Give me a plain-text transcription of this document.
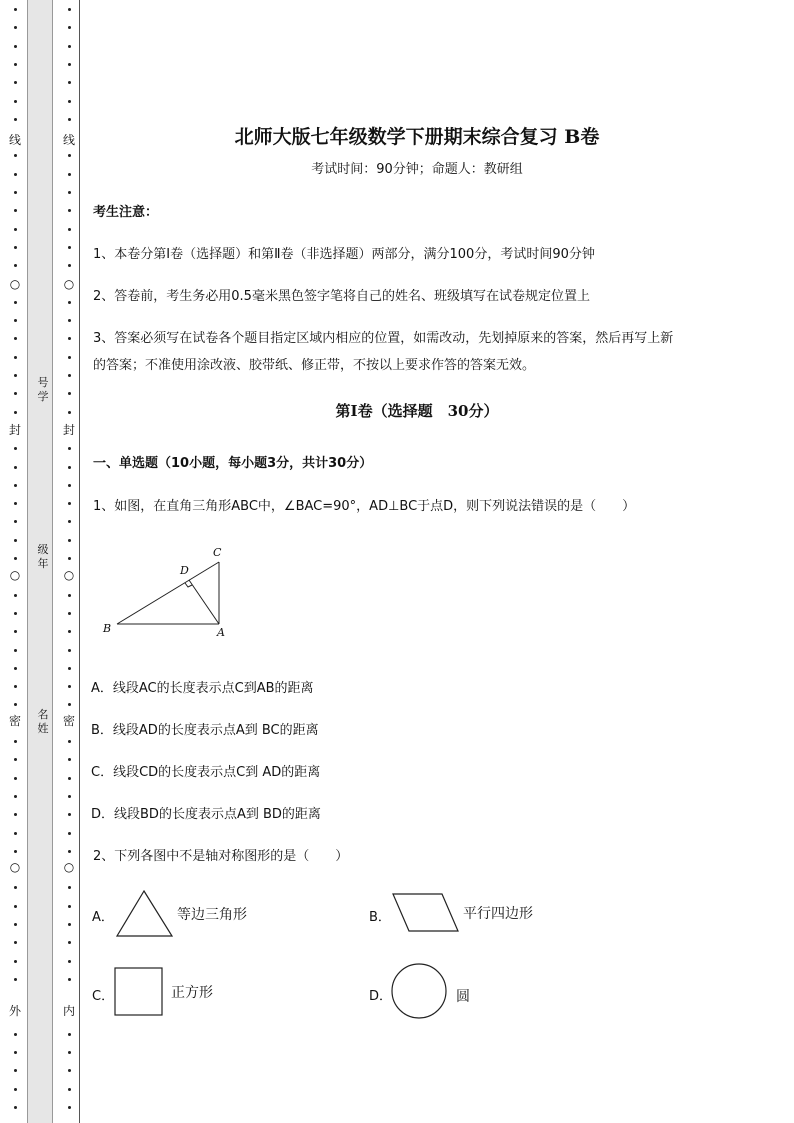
线
○
封
○
密
○
外
线
○
封
○
密
○
内
号
学
级
年
名
姓
北师大版七年级数学下册期末综合复习 B卷
考试时间：90分钟；命题人：教研组
考生注意：
1、本卷分第I卷（选择题）和第Ⅱ卷（非选择题）两部分，满分100分，考试时间90分钟
2、答卷前，考生务必用0.5毫米黑色签字笔将自己的姓名、班级填写在试卷规定位置上
3、答案必须写在试卷各个题目指定区域内相应的位置，如需改动，先划掉原来的答案，然后再写上新
的答案；不准使用涂改液、胶带纸、修正带，不按以上要求作答的答案无效。
第I卷（选择题　30分）
一、单选题（10小题，每小题3分，共计30分）
1、如图，在直角三角形ABC中，∠BAC=90°，AD⊥BC于点D，则下列说法错误的是（　　）
B
C
D
A
A．线段AC的长度表示点C到AB的距离
B．线段AD的长度表示点A到 BC的距离
C．线段CD的长度表示点C到 AD的距离
D．线段BD的长度表示点A到 BD的距离
2、下列各图中不是轴对称图形的是（　　）
A．	等边三角形	B．	平行四边形
C．	正方形	D．	圆
